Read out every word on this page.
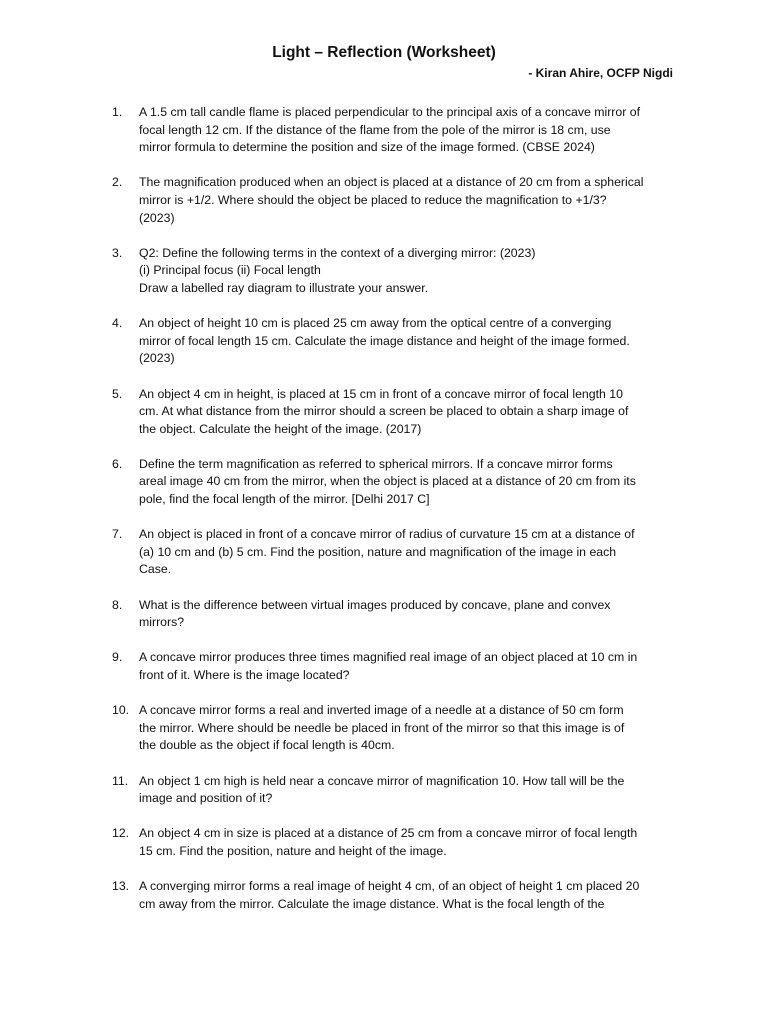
Light – Reflection (Worksheet)
- Kiran Ahire, OCFP Nigdi
1. A 1.5 cm tall candle flame is placed perpendicular to the principal axis of a concave mirror of
focal length 12 cm. If the distance of the flame from the pole of the mirror is 18 cm, use
mirror formula to determine the position and size of the image formed. (CBSE 2024)
2. The magnification produced when an object is placed at a distance of 20 cm from a spherical
mirror is +1/2. Where should the object be placed to reduce the magnification to +1/3?
(2023)
3. Q2: Define the following terms in the context of a diverging mirror: (2023)
(i) Principal focus (ii) Focal length
Draw a labelled ray diagram to illustrate your answer.
4. An object of height 10 cm is placed 25 cm away from the optical centre of a converging
mirror of focal length 15 cm. Calculate the image distance and height of the image formed.
(2023)
5. An object 4 cm in height, is placed at 15 cm in front of a concave mirror of focal length 10
cm. At what distance from the mirror should a screen be placed to obtain a sharp image of
the object. Calculate the height of the image. (2017)
6. Define the term magnification as referred to spherical mirrors. If a concave mirror forms
areal image 40 cm from the mirror, when the object is placed at a distance of 20 cm from its
pole, find the focal length of the mirror. [Delhi 2017 C]
7. An object is placed in front of a concave mirror of radius of curvature 15 cm at a distance of
(a) 10 cm and (b) 5 cm. Find the position, nature and magnification of the image in each
Case.
8. What is the difference between virtual images produced by concave, plane and convex
mirrors?
9. A concave mirror produces three times magnified real image of an object placed at 10 cm in
front of it. Where is the image located?
10. A concave mirror forms a real and inverted image of a needle at a distance of 50 cm form
the mirror. Where should be needle be placed in front of the mirror so that this image is of
the double as the object if focal length is 40cm.
11. An object 1 cm high is held near a concave mirror of magnification 10. How tall will be the
image and position of it?
12. An object 4 cm in size is placed at a distance of 25 cm from a concave mirror of focal length
15 cm. Find the position, nature and height of the image.
13. A converging mirror forms a real image of height 4 cm, of an object of height 1 cm placed 20
cm away from the mirror. Calculate the image distance. What is the focal length of the
